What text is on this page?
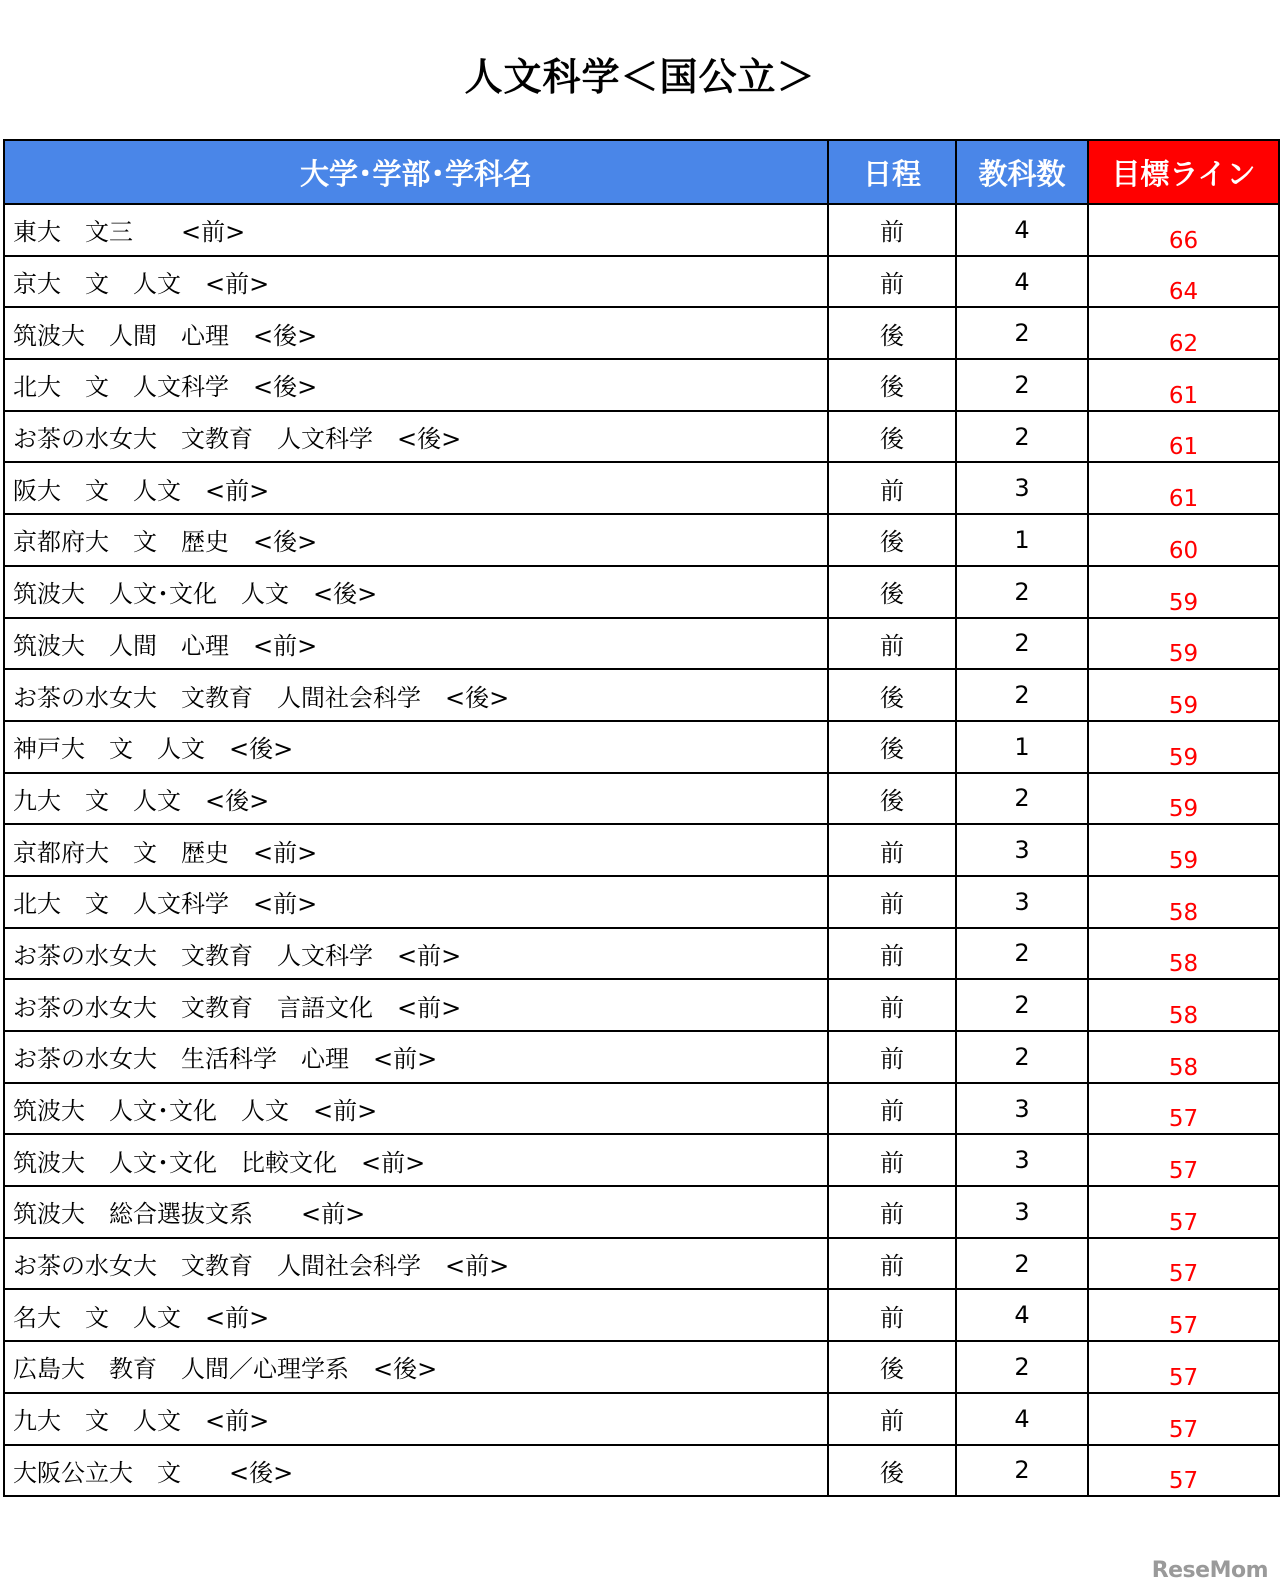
人文科学＜国公立＞
大学･学部･学科名	日程	教科数	目標ライン
東大　文三　　<前>	前	4	66
京大　文　人文　<前>	前	4	64
筑波大　人間　心理　<後>	後	2	62
北大　文　人文科学　<後>	後	2	61
お茶の水女大　文教育　人文科学　<後>	後	2	61
阪大　文　人文　<前>	前	3	61
京都府大　文　歴史　<後>	後	1	60
筑波大　人文･文化　人文　<後>	後	2	59
筑波大　人間　心理　<前>	前	2	59
お茶の水女大　文教育　人間社会科学　<後>	後	2	59
神戸大　文　人文　<後>	後	1	59
九大　文　人文　<後>	後	2	59
京都府大　文　歴史　<前>	前	3	59
北大　文　人文科学　<前>	前	3	58
お茶の水女大　文教育　人文科学　<前>	前	2	58
お茶の水女大　文教育　言語文化　<前>	前	2	58
お茶の水女大　生活科学　心理　<前>	前	2	58
筑波大　人文･文化　人文　<前>	前	3	57
筑波大　人文･文化　比較文化　<前>	前	3	57
筑波大　総合選抜文系　　<前>	前	3	57
お茶の水女大　文教育　人間社会科学　<前>	前	2	57
名大　文　人文　<前>	前	4	57
広島大　教育　人間／心理学系　<後>	後	2	57
九大　文　人文　<前>	前	4	57
大阪公立大　文　　<後>	後	2	57
ReseMom
